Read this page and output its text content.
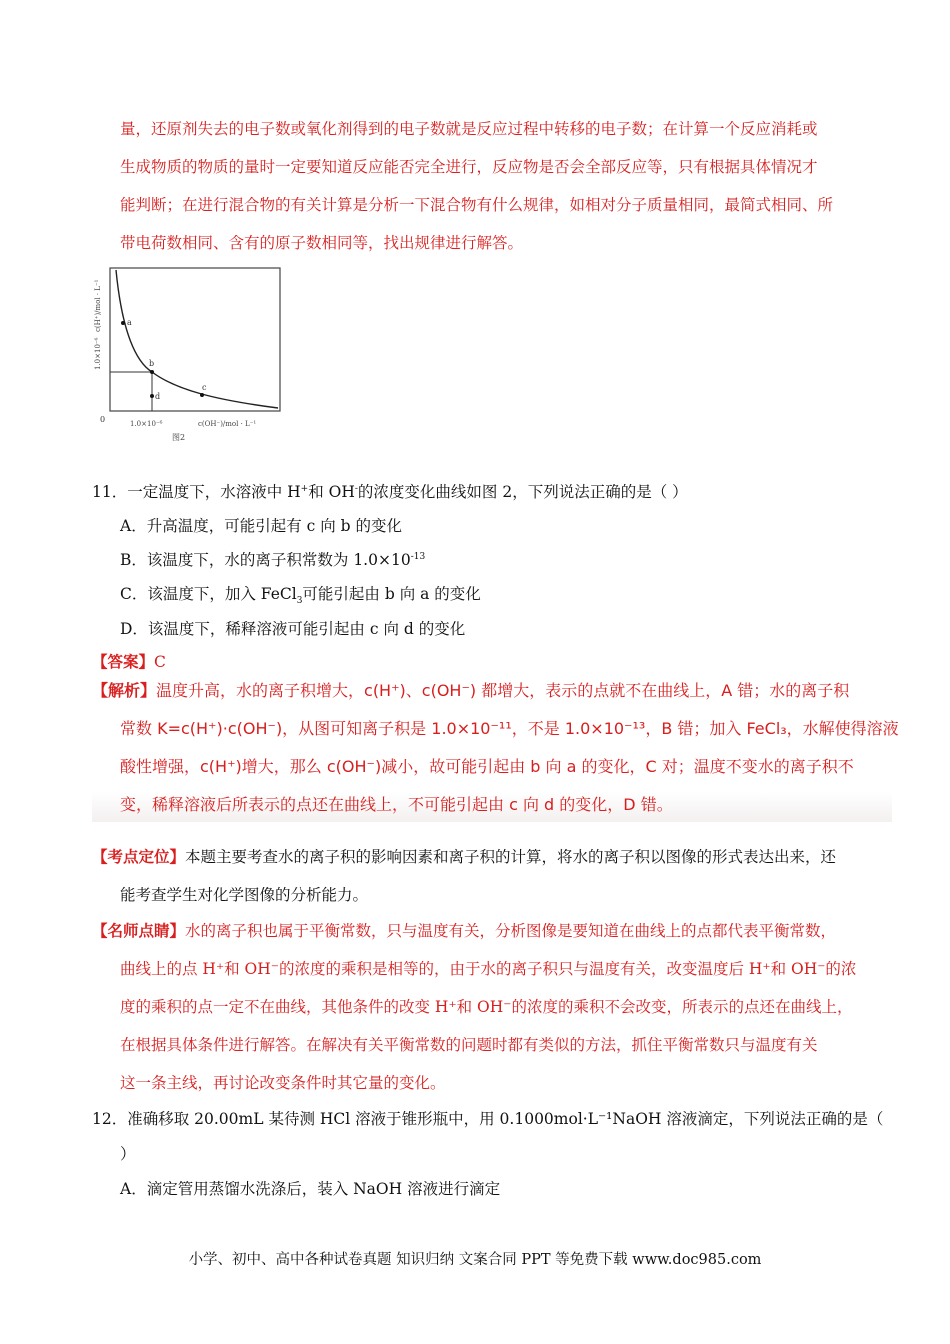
量，还原剂失去的电子数或氧化剂得到的电子数就是反应过程中转移的电子数；在计算一个反应消耗或
生成物质的物质的量时一定要知道反应能否完全进行，反应物是否会全部反应等，只有根据具体情况才
能判断；在进行混合物的有关计算是分析一下混合物有什么规律，如相对分子质量相同，最简式相同、所
带电荷数相同、含有的原子数相同等，找出规律进行解答。
a
b
d
c
0
1.0×10⁻⁶
c(H⁺)/mol · L⁻¹
1.0×10⁻⁶	c(OH⁻)/mol · L⁻¹
图2
11．一定温度下，水溶液中 H+和 OH-的浓度变化曲线如图 2，下列说法正确的是（ ）
A．升高温度，可能引起有 c 向 b 的变化
B．该温度下，水的离子积常数为 $1.0\times 10^{-13}$
C．该温度下，加入 FeCl$_3$可能引起由 b 向 a 的变化
D．该温度下，稀释溶液可能引起由 c 向 d 的变化
【答案】C
【解析】温度升高，水的离子积增大，c(H⁺)、c(OH⁻) 都增大，表示的点就不在曲线上，A 错；水的离子积
常数 K=c(H⁺)·c(OH⁻)，从图可知离子积是 1.0×10⁻¹¹，不是 1.0×10⁻¹³，B 错；加入 FeCl₃，水解使得溶液
酸性增强，c(H⁺)增大，那么 c(OH⁻)减小，故可能引起由 b 向 a 的变化，C 对；温度不变水的离子积不
变，稀释溶液后所表示的点还在曲线上，不可能引起由 c 向 d 的变化，D 错。
【考点定位】本题主要考查水的离子积的影响因素和离子积的计算，将水的离子积以图像的形式表达出来，还
能考查学生对化学图像的分析能力。
【名师点睛】水的离子积也属于平衡常数，只与温度有关，分析图像是要知道在曲线上的点都代表平衡常数，
曲线上的点 H⁺和 OH⁻的浓度的乘积是相等的，由于水的离子积只与温度有关，改变温度后 H⁺和 OH⁻的浓
度的乘积的点一定不在曲线，其他条件的改变 H⁺和 OH⁻的浓度的乘积不会改变，所表示的点还在曲线上，
在根据具体条件进行解答。在解决有关平衡常数的问题时都有类似的方法，抓住平衡常数只与温度有关
这一条主线，再讨论改变条件时其它量的变化。
12．准确移取 20.00mL 某待测 HCl 溶液于锥形瓶中，用 0.1000mol·L⁻¹NaOH 溶液滴定，下列说法正确的是（
）
A．滴定管用蒸馏水洗涤后，装入 NaOH 溶液进行滴定
小学、初中、高中各种试卷真题 知识归纳 文案合同 PPT 等免费下载 www.doc985.com
